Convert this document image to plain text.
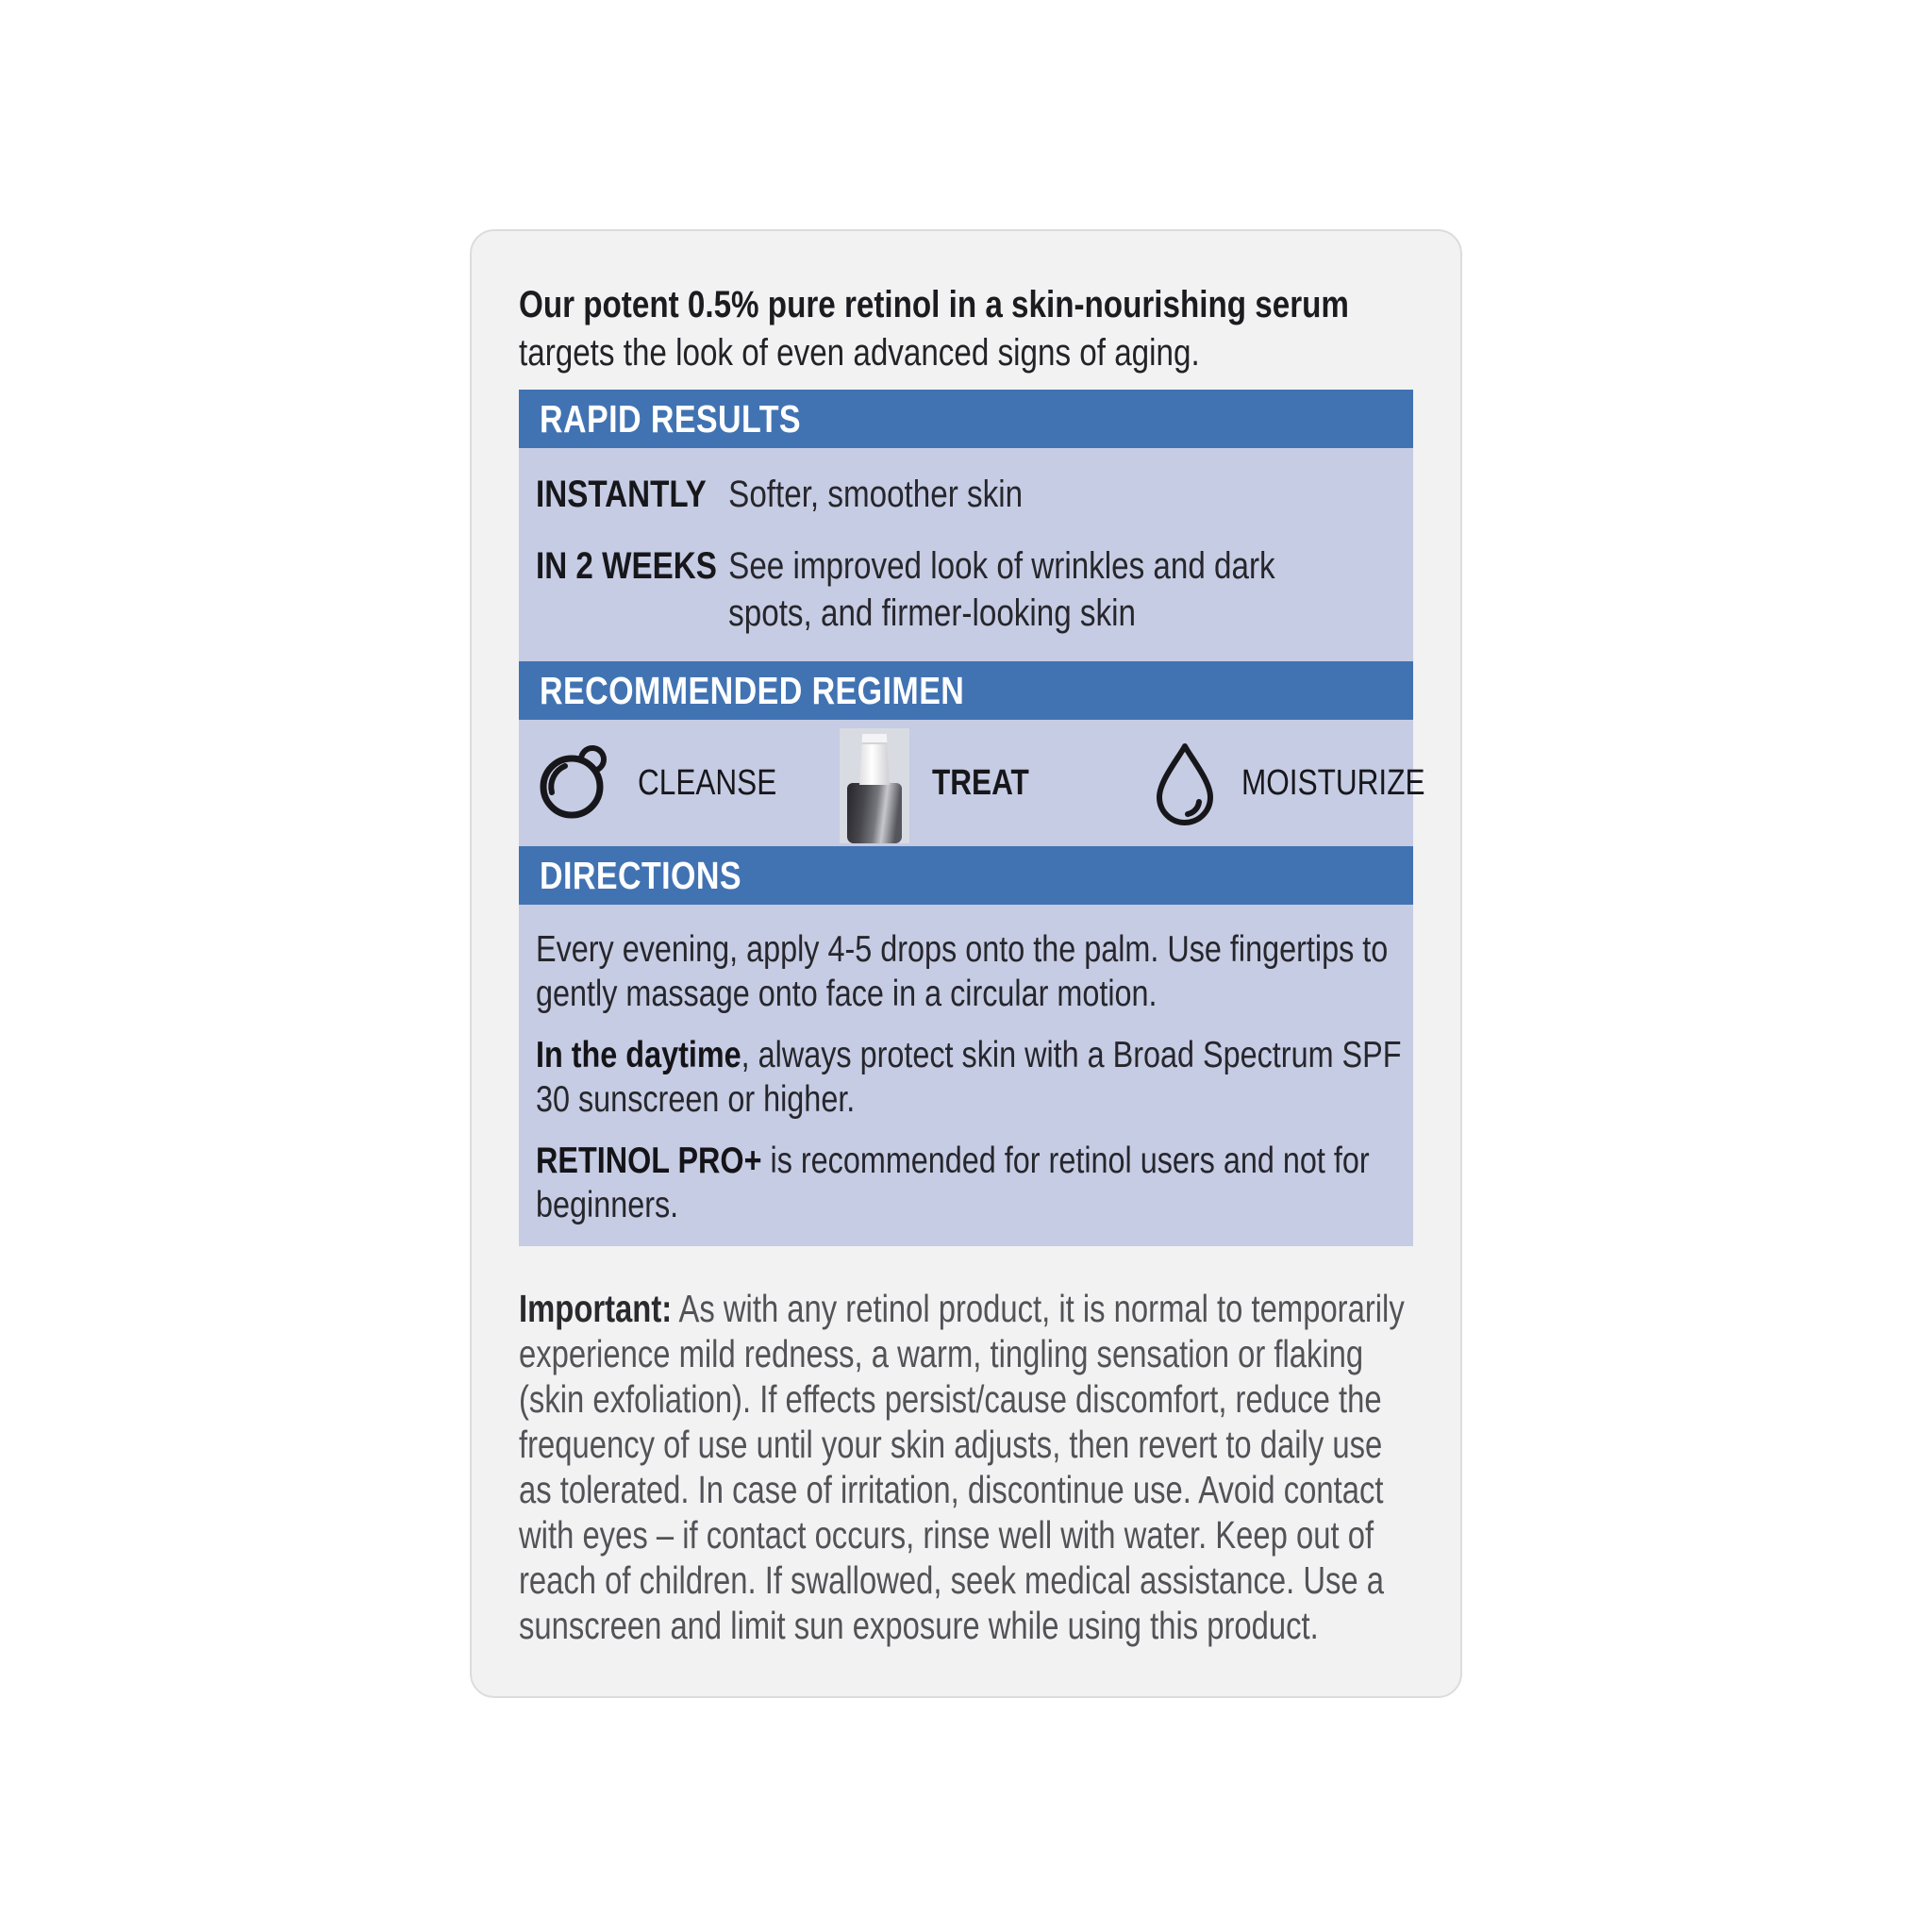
Our potent 0.5% pure retinol in a skin-nourishing serum
targets the look of even advanced signs of aging.

RAPID RESULTS
INSTANTLY Softer, smoother skin
IN 2 WEEKS See improved look of wrinkles and dark spots, and firmer-looking skin
RECOMMENDED REGIMEN
CLEANSE	TREAT	MOISTURIZE
DIRECTIONS

Every evening, apply 4-5 drops onto the palm. Use fingertips to gently massage onto face in a circular motion.

In the daytime, always protect skin with a Broad Spectrum SPF 30 sunscreen or higher.

RETINOL PRO+ is recommended for retinol users and not for beginners.

Important: As with any retinol product, it is normal to temporarily experience mild redness, a warm, tingling sensation or flaking (skin exfoliation). If effects persist/cause discomfort, reduce the frequency of use until your skin adjusts, then revert to daily use as tolerated. In case of irritation, discontinue use. Avoid contact with eyes – if contact occurs, rinse well with water. Keep out of reach of children. If swallowed, seek medical assistance. Use a sunscreen and limit sun exposure while using this product.
